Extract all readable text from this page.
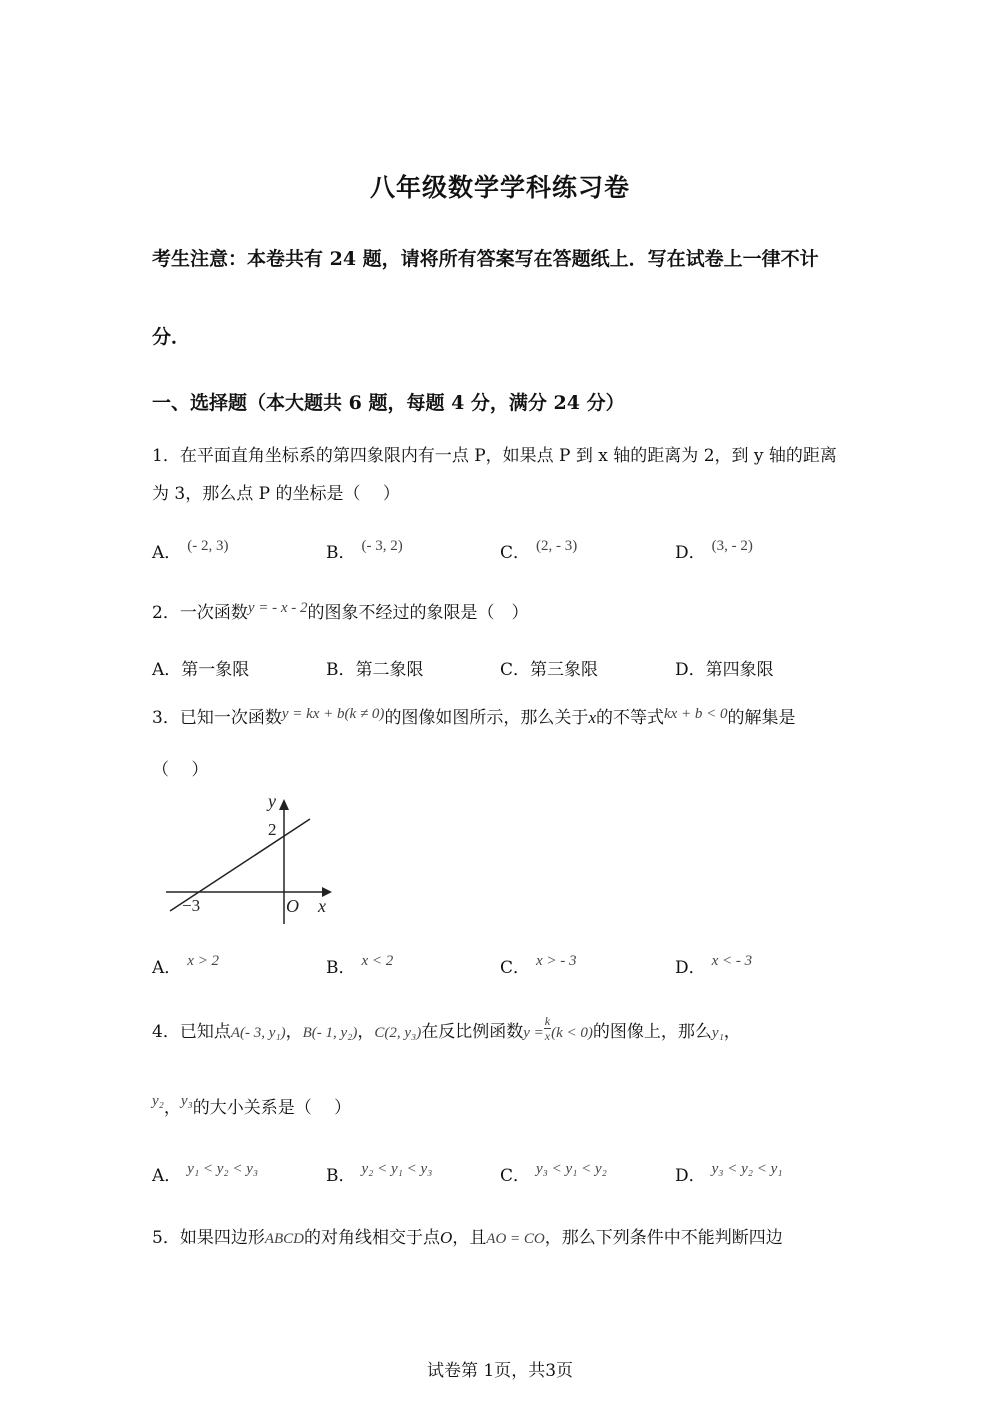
八年级数学学科练习卷
考生注意：本卷共有 24 题，请将所有答案写在答题纸上．写在试卷上一律不计
分．
一、选择题（本大题共 6 题，每题 4 分，满分 24 分）
1．在平面直角坐标系的第四象限内有一点 P，如果点 P 到 x 轴的距离为 2，到 y 轴的距离
为 3，那么点 P 的坐标是（　 ）
A． (- 2, 3)	B． (- 3, 2)	C． (2, - 3)	D． (3, - 2)
2．一次函数y = - x - 2的图象不经过的象限是（　）
A．第一象限	B．第二象限	C．第三象限	D．第四象限
3．已知一次函数y = kx + b(k ≠ 0)的图像如图所示，那么关于x的不等式kx + b < 0的解集是
（　 ）
y
2
−3	O x
A． x > 2	B． x < 2	C． x > - 3	D． x < - 3
4．已知点A(- 3, y₁)，B(- 1, y₂)，C(2, y₃)在反比例函数$y = \frac{k}{x} (k < 0)$的图像上，那么y₁，
y₂，y₃的大小关系是（　 ）
A． y₁ < y₂ < y₃	B． y₂ < y₁ < y₃	C． y₃ < y₁ < y₂	D． y₃ < y₂ < y₁
5．如果四边形ABCD的对角线相交于点O，且AO = CO，那么下列条件中不能判断四边
试卷第 1页，共3页
